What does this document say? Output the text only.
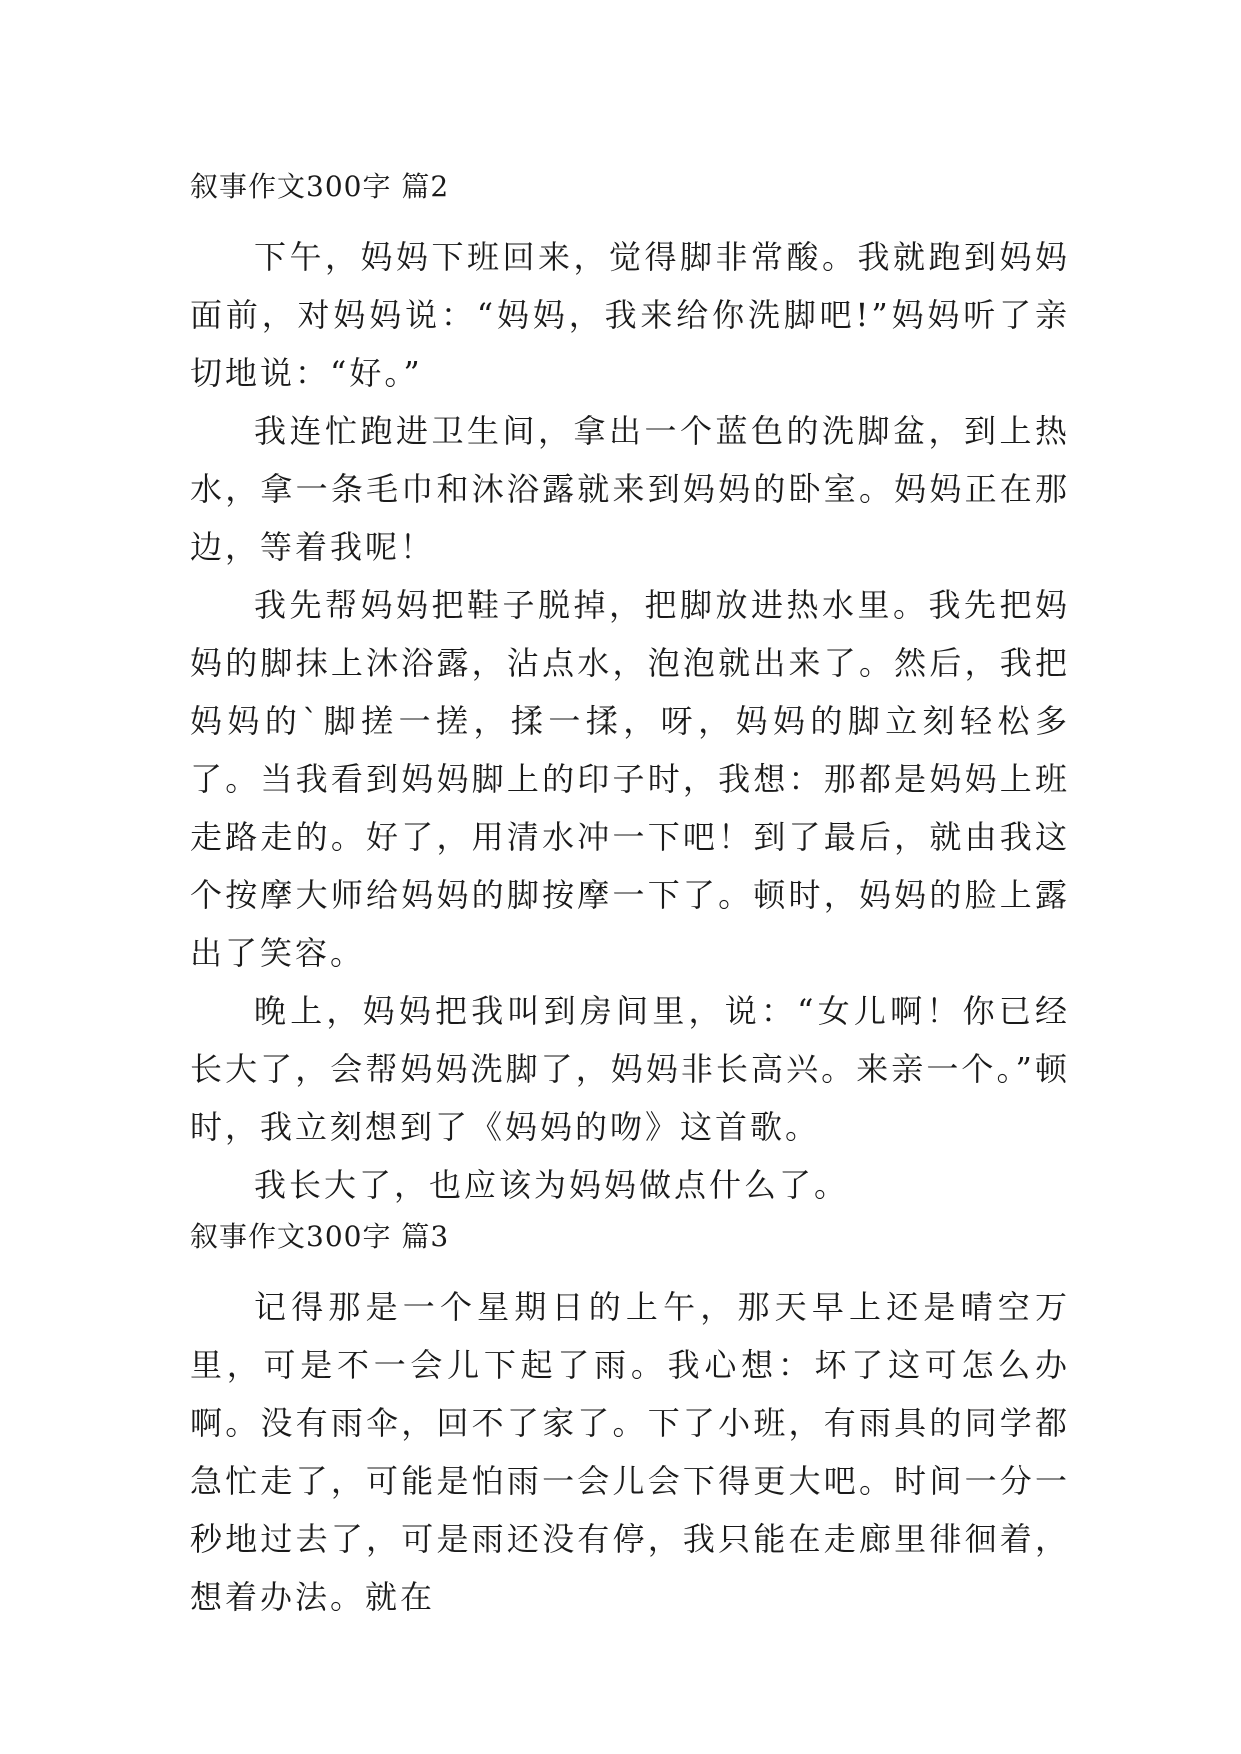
叙事作文300字 篇2

下午，妈妈下班回来，觉得脚非常酸。我就跑到妈妈面前，对妈妈说：“妈妈，我来给你洗脚吧!”妈妈听了亲切地说：“好。”

我连忙跑进卫生间，拿出一个蓝色的洗脚盆，到上热水，拿一条毛巾和沐浴露就来到妈妈的卧室。妈妈正在那边，等着我呢！

我先帮妈妈把鞋子脱掉，把脚放进热水里。我先把妈妈的脚抹上沐浴露，沾点水，泡泡就出来了。然后，我把妈妈的`脚搓一搓，揉一揉，呀，妈妈的脚立刻轻松多了。当我看到妈妈脚上的印子时，我想：那都是妈妈上班走路走的。好了，用清水冲一下吧！到了最后，就由我这个按摩大师给妈妈的脚按摩一下了。顿时，妈妈的脸上露出了笑容。

晚上，妈妈把我叫到房间里，说：“女儿啊！你已经长大了，会帮妈妈洗脚了，妈妈非长高兴。来亲一个。”顿时，我立刻想到了《妈妈的吻》这首歌。

我长大了，也应该为妈妈做点什么了。

叙事作文300字 篇3

记得那是一个星期日的上午，那天早上还是晴空万里，可是不一会儿下起了雨。我心想：坏了这可怎么办啊。没有雨伞，回不了家了。下了小班，有雨具的同学都急忙走了，可能是怕雨一会儿会下得更大吧。时间一分一秒地过去了，可是雨还没有停，我只能在走廊里徘徊着，想着办法。就在
